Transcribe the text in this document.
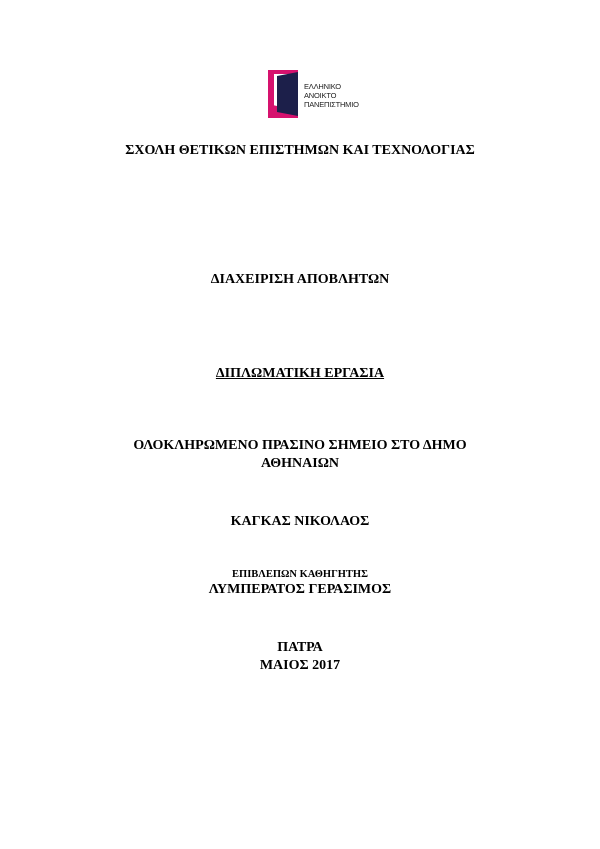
ΕΛΛΗΝΙΚΟ
ΑΝΟΙΚΤΟ
ΠΑΝΕΠΙΣΤΗΜΙΟ
ΣΧΟΛΗ ΘΕΤΙΚΩΝ ΕΠΙΣΤΗΜΩΝ ΚΑΙ ΤΕΧΝΟΛΟΓΙΑΣ
ΔΙΑΧΕΙΡΙΣΗ ΑΠΟΒΛΗΤΩΝ
ΔΙΠΛΩΜΑΤΙΚΗ ΕΡΓΑΣΙΑ
ΟΛΟΚΛΗΡΩΜΕΝΟ ΠΡΑΣΙΝΟ ΣΗΜΕΙΟ ΣΤΟ ΔΗΜΟ
ΑΘΗΝΑΙΩΝ
ΚΑΓΚΑΣ ΝΙΚΟΛΑΟΣ
ΕΠΙΒΛΕΠΩΝ ΚΑΘΗΓΗΤΗΣ
ΛΥΜΠΕΡΑΤΟΣ ΓΕΡΑΣΙΜΟΣ
ΠΑΤΡΑ
ΜΑΙΟΣ 2017
